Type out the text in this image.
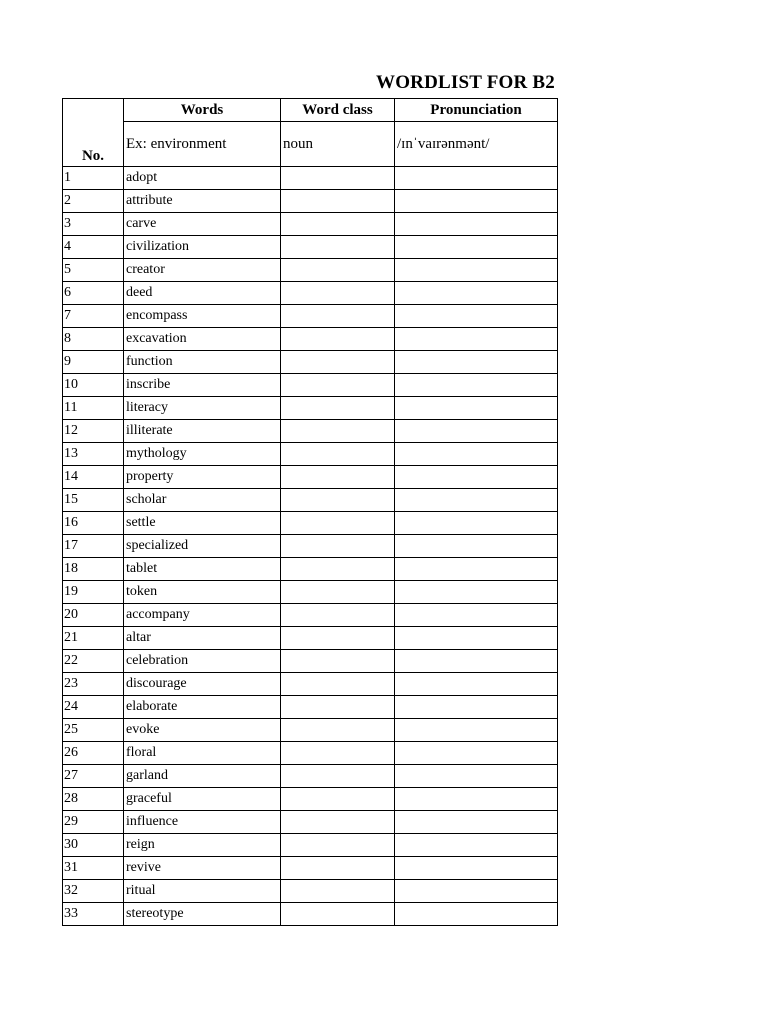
WORDLIST FOR B2
No.	Words	Word class	Pronunciation
	Ex: environment	noun	/ɪnˈvaɪrənmənt/
1	adopt		
2	attribute		
3	carve		
4	civilization		
5	creator		
6	deed		
7	encompass		
8	excavation		
9	function		
10	inscribe		
11	literacy		
12	illiterate		
13	mythology		
14	property		
15	scholar		
16	settle		
17	specialized		
18	tablet		
19	token		
20	accompany		
21	altar		
22	celebration		
23	discourage		
24	elaborate		
25	evoke		
26	floral		
27	garland		
28	graceful		
29	influence		
30	reign		
31	revive		
32	ritual		
33	stereotype		
